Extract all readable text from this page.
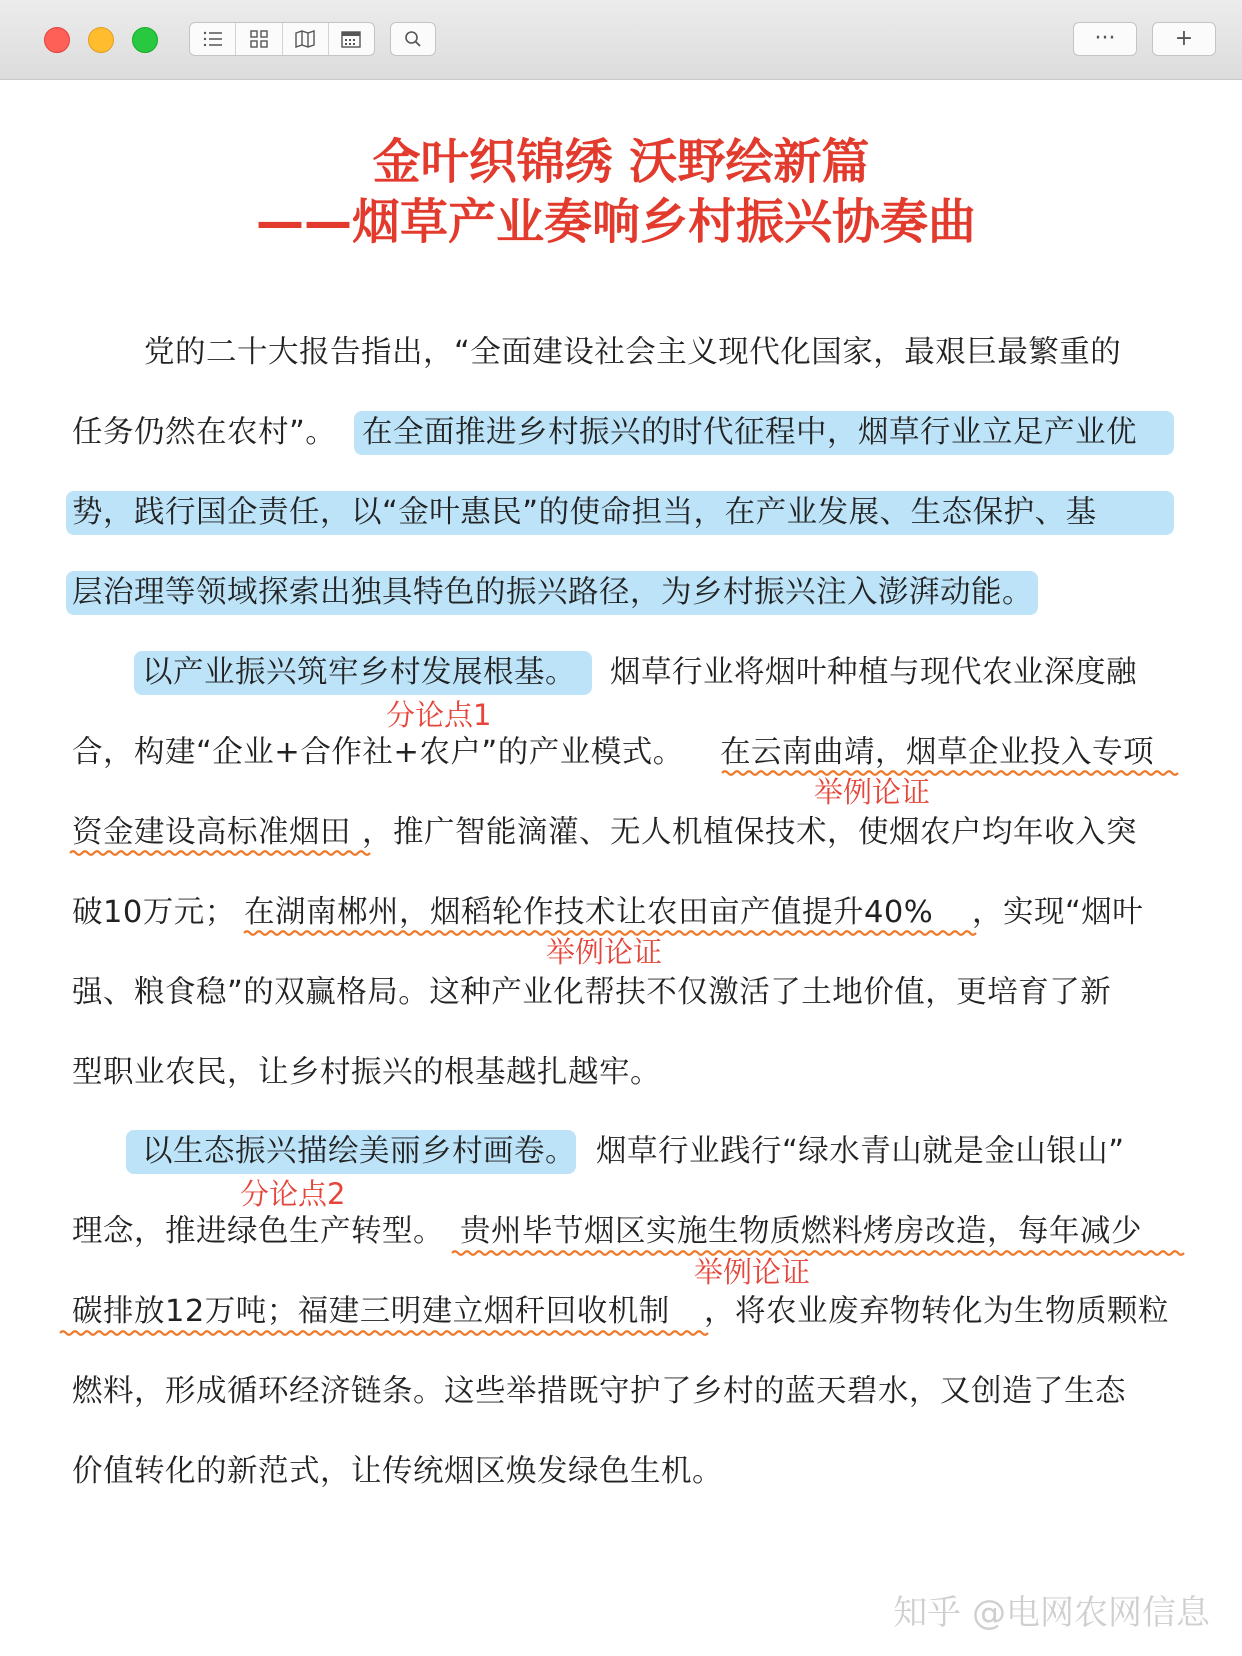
···	+
金叶织锦绣 沃野绘新篇
——烟草产业奏响乡村振兴协奏曲
党的二十大报告指出，“全面建设社会主义现代化国家，最艰巨最繁重的
任务仍然在农村”。 在全面推进乡村振兴的时代征程中，烟草行业立足产业优
势，践行国企责任，以“金叶惠民”的使命担当，在产业发展、生态保护、基
层治理等领域探索出独具特色的振兴路径，为乡村振兴注入澎湃动能。
以产业振兴筑牢乡村发展根基。 烟草行业将烟叶种植与现代农业深度融
分论点1
合，构建“企业+合作社+农户”的产业模式。 在云南曲靖，烟草企业投入专项
举例论证
资金建设高标准烟田 ，推广智能滴灌、无人机植保技术，使烟农户均年收入突
破10万元； 在湖南郴州，烟稻轮作技术让农田亩产值提升40% ，实现“烟叶
举例论证
强、粮食稳”的双赢格局。这种产业化帮扶不仅激活了土地价值，更培育了新
型职业农民，让乡村振兴的根基越扎越牢。
以生态振兴描绘美丽乡村画卷。 烟草行业践行“绿水青山就是金山银山”
分论点2
理念，推进绿色生产转型。 贵州毕节烟区实施生物质燃料烤房改造，每年减少
举例论证
碳排放12万吨；福建三明建立烟秆回收机制 ，将农业废弃物转化为生物质颗粒
燃料，形成循环经济链条。这些举措既守护了乡村的蓝天碧水，又创造了生态
价值转化的新范式，让传统烟区焕发绿色生机。
知乎 @电网农网信息
